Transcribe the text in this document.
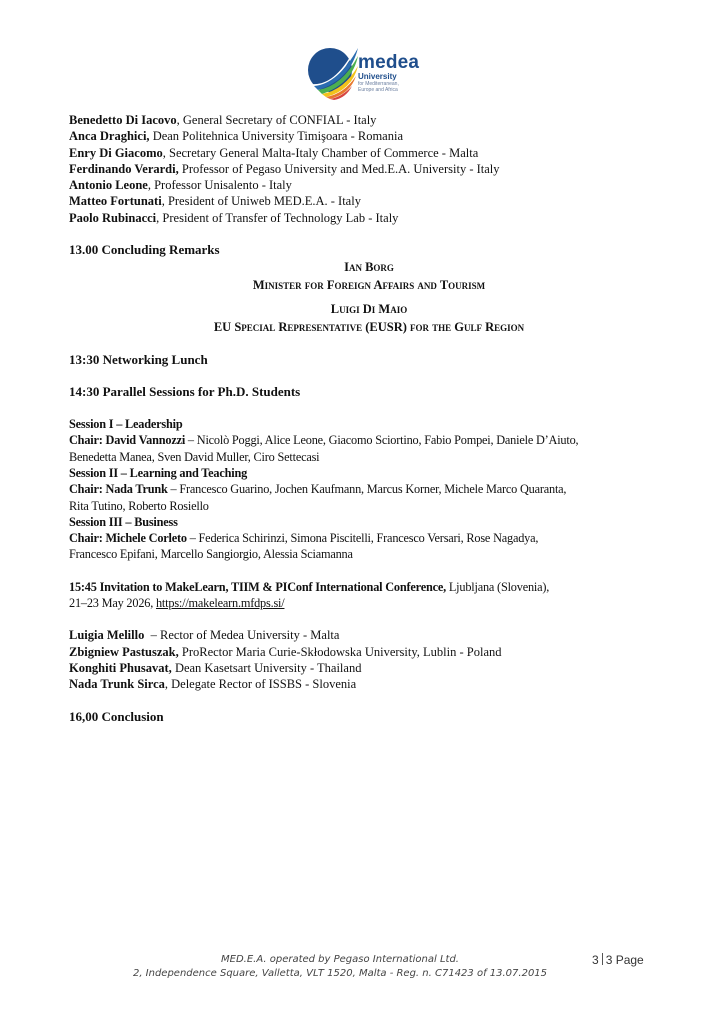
medea
University
for Mediterranean,
Europe and Africa
Benedetto Di Iacovo, General Secretary of CONFIAL - Italy
Anca Draghici, Dean Politehnica University Timişoara - Romania
Enry Di Giacomo, Secretary General Malta-Italy Chamber of Commerce - Malta
Ferdinando Verardi, Professor of Pegaso University and Med.E.A. University - Italy
Antonio Leone, Professor Unisalento - Italy
Matteo Fortunati, President of Uniweb MED.E.A. - Italy
Paolo Rubinacci, President of Transfer of Technology Lab - Italy
13.00 Concluding Remarks
Ian Borg
Minister for Foreign Affairs and Tourism
Luigi Di Maio
EU Special Representative (EUSR) for the Gulf Region
13:30 Networking Lunch
14:30 Parallel Sessions for Ph.D. Students
Session I – Leadership
Chair: David Vannozzi – Nicolò Poggi, Alice Leone, Giacomo Sciortino, Fabio Pompei, Daniele D’Aiuto,
Benedetta Manea, Sven David Muller, Ciro Settecasi
Session II – Learning and Teaching
Chair: Nada Trunk – Francesco Guarino, Jochen Kaufmann, Marcus Korner, Michele Marco Quaranta,
Rita Tutino, Roberto Rosiello
Session III – Business
Chair: Michele Corleto – Federica Schirinzi, Simona Piscitelli, Francesco Versari, Rose Nagadya,
Francesco Epifani, Marcello Sangiorgio, Alessia Sciamanna
15:45 Invitation to MakeLearn, TIIM & PIConf International Conference, Ljubljana (Slovenia),
21–23 May 2026, https://makelearn.mfdps.si/
Luigia Melillo  – Rector of Medea University - Malta
Zbigniew Pastuszak, ProRector Maria Curie-Skłodowska University, Lublin - Poland
Konghiti Phusavat, Dean Kasetsart University - Thailand
Nada Trunk Sirca, Delegate Rector of ISSBS - Slovenia
16,00 Conclusion
MED.E.A. operated by Pegaso International Ltd.
2, Independence Square, Valletta, VLT 1520, Malta - Reg. n. C71423 of 13.07.2015
3 3 Page
